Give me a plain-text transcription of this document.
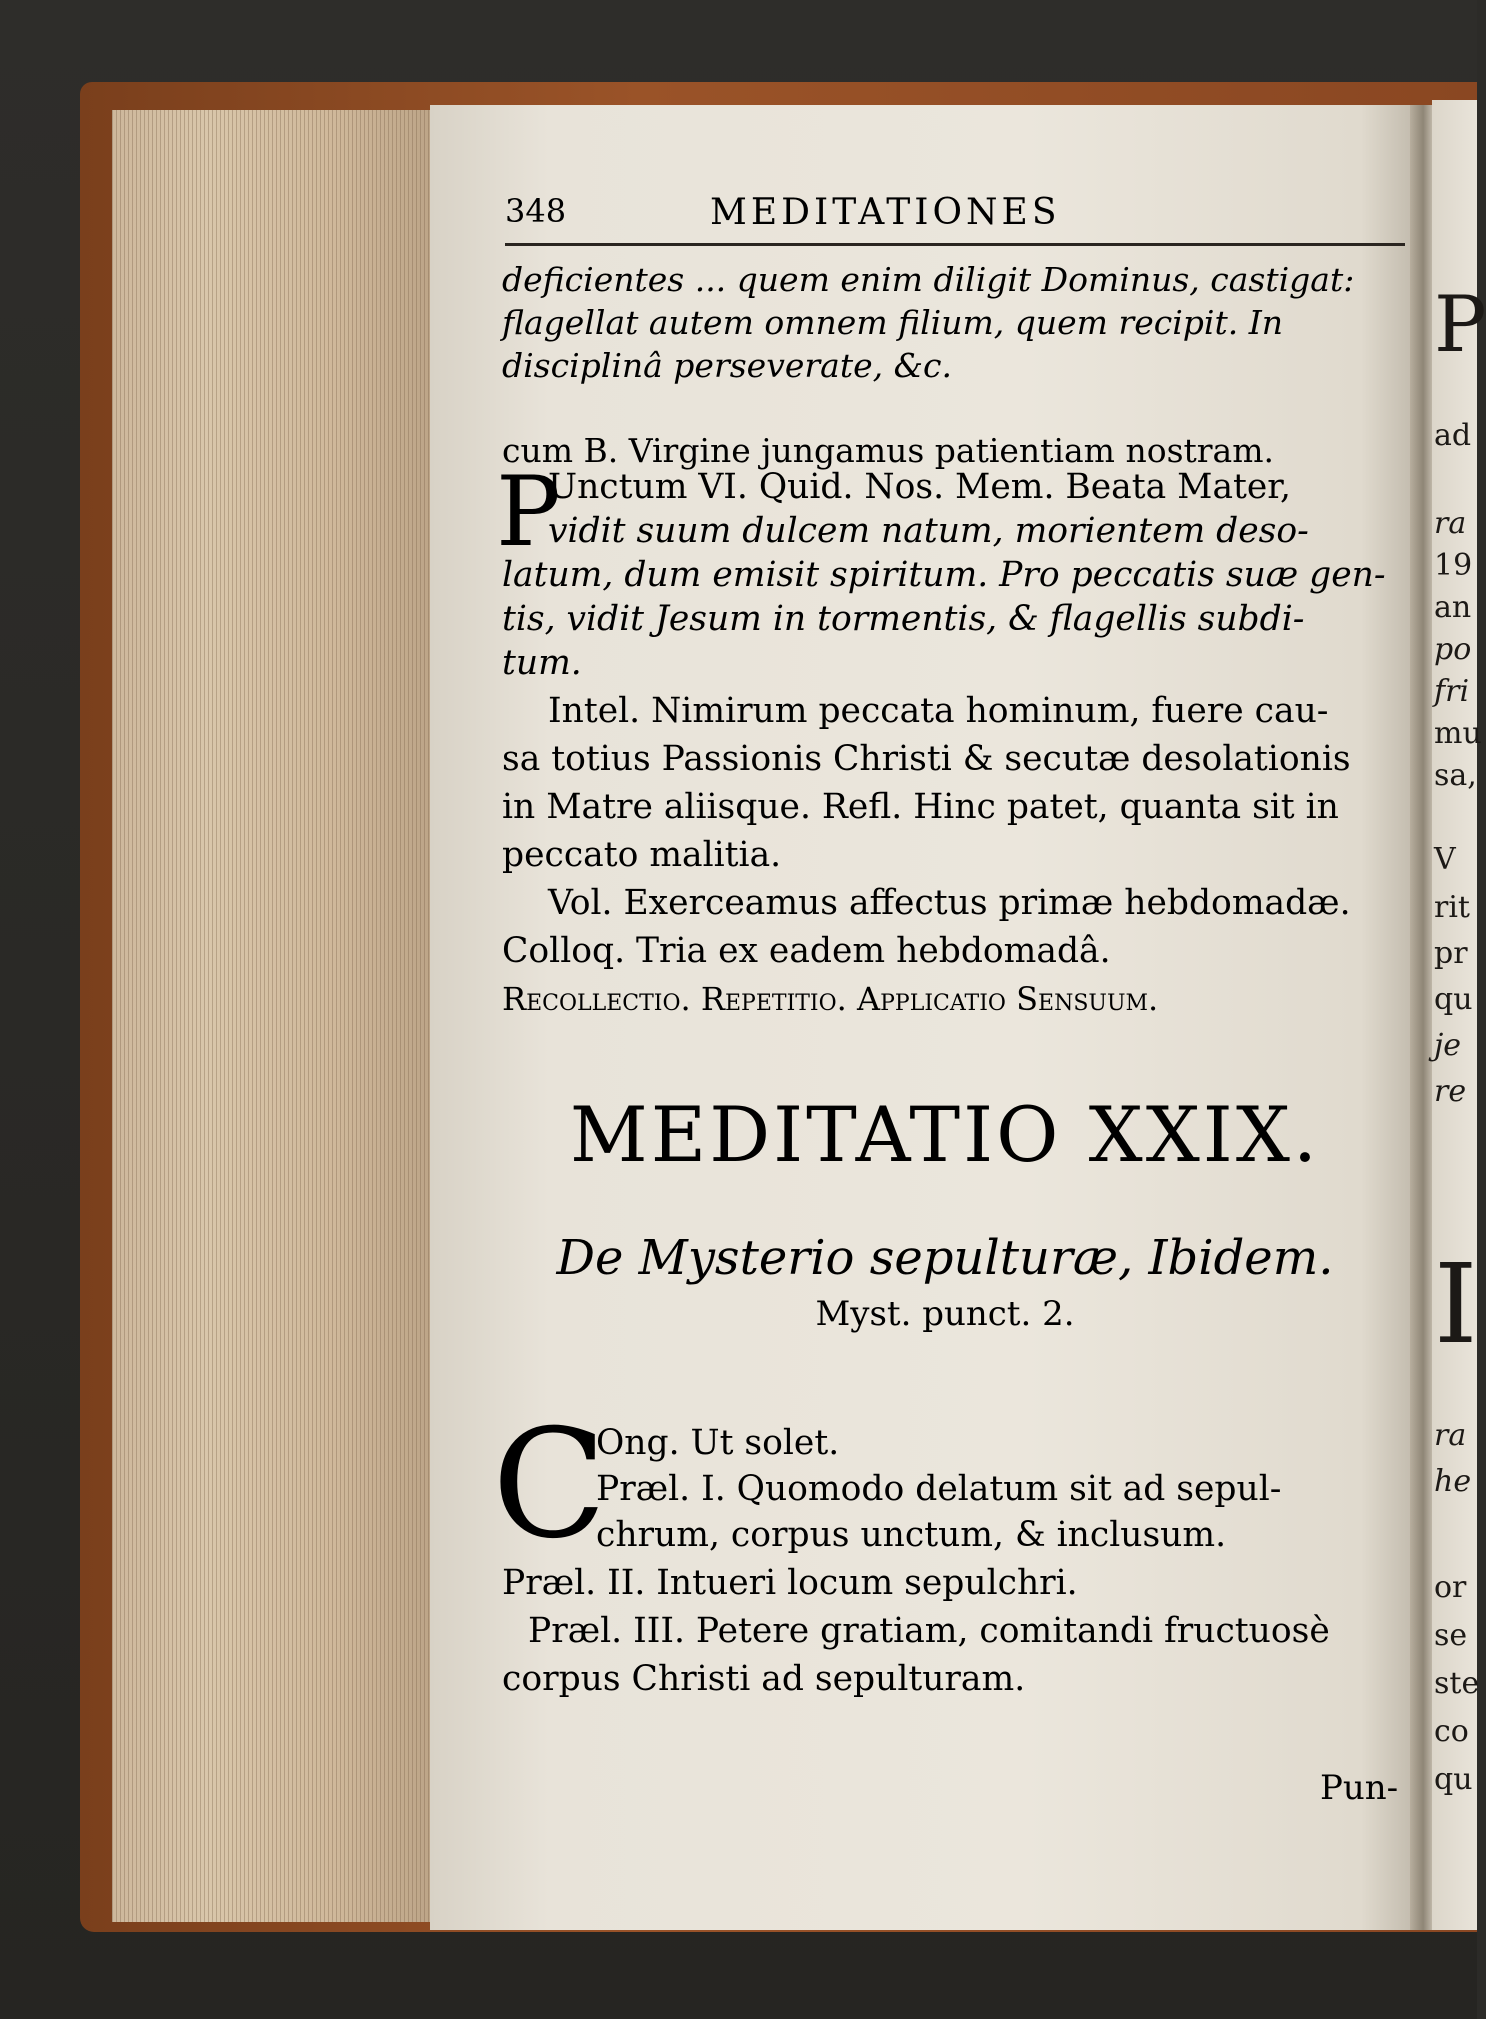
P
ad
ra
19
an
po
fri
mu
sa,
V
rit
pr
qu
je
re
I
ra
he
or
se
ste
co
qu
348	MEDITATIONES
deficientes ... quem enim diligit Dominus, castigat: flagellat autem omnem filium, quem recipit. In disciplinâ perseverate, &c.
cum B. Virgine jungamus patientiam nostram.
P
Unctum VI. Quid. Nos. Mem. Beata Mater,
vidit suum dulcem natum, morientem deso-
latum, dum emisit spiritum. Pro peccatis suæ gen-
tis, vidit Jesum in tormentis, & flagellis subdi-
tum.
Intel. Nimirum peccata hominum, fuere cau-
sa totius Passionis Christi & secutæ desolationis
in Matre aliisque. Refl. Hinc patet, quanta sit in
peccato malitia.
Vol. Exerceamus affectus primæ hebdomadæ.
Colloq. Tria ex eadem hebdomadâ.
Recollectio. Repetitio. Applicatio Sensuum.
MEDITATIO XXIX.
De Mysterio sepulturæ, Ibidem.
Myst. punct. 2.
C
Ong. Ut solet.
Præl. I. Quomodo delatum sit ad sepul-
chrum, corpus unctum, & inclusum.
Præl. II. Intueri locum sepulchri.
Præl. III. Petere gratiam, comitandi fructuosè
corpus Christi ad sepulturam.
Pun-
